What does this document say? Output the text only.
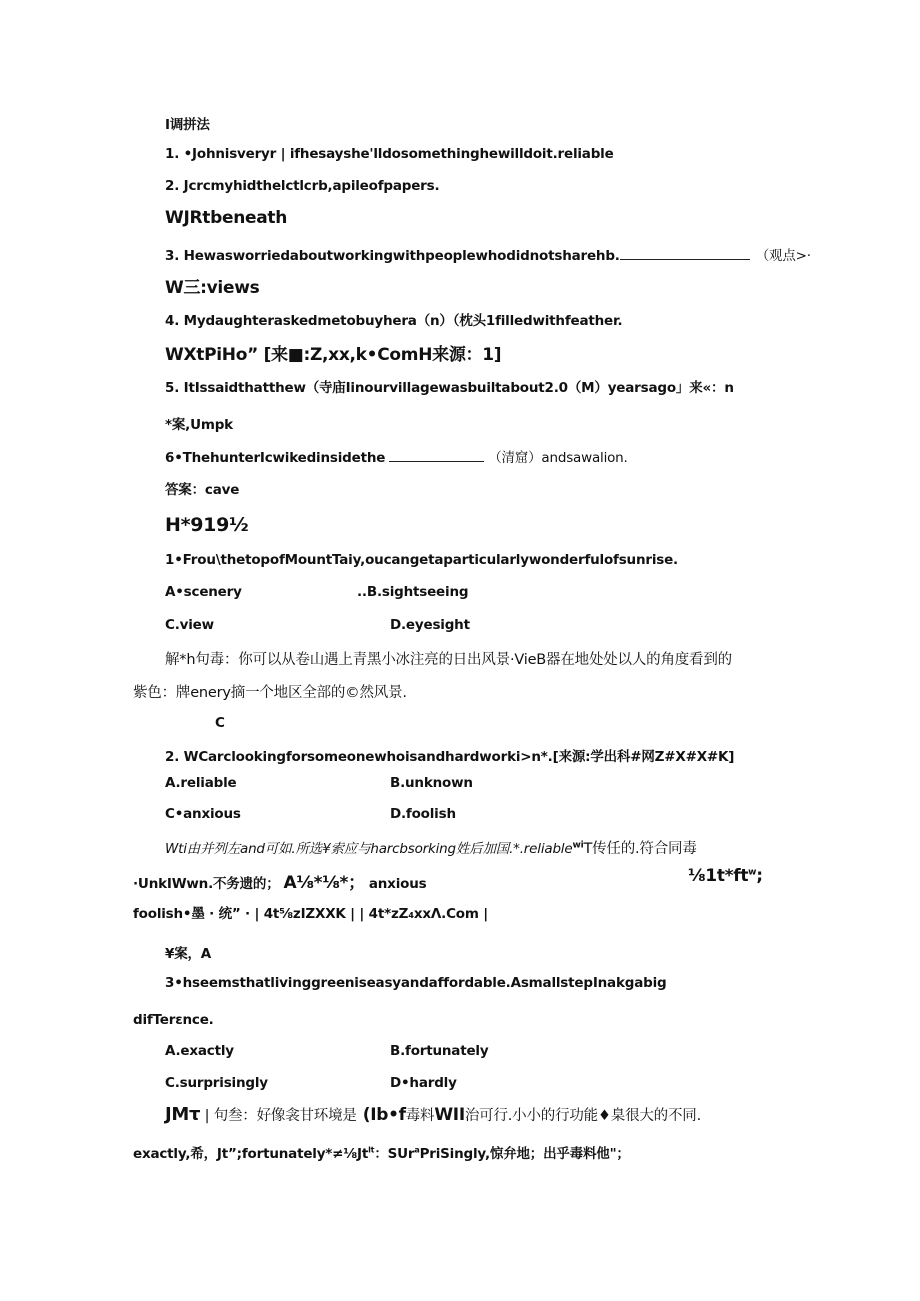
I调拼法
1. •Johnisveryr | ifhesayshe'lldosomethinghewilldoit.reliable
2. Jcrcmyhidthelctlcrb,apileofpapers.
WJRtbeneath
3. Hewasworriedaboutworkingwithpeoplewhodidnotsharehb.	（观点>·
W三:views
4. Mydaughteraskedmetobuyhera（n）（枕头1filledwithfeather.
WXtPiHo” [来■:Z,xx,k•ComH来源：1]
5. ItIssaidthatthew（寺庙Iinourvillagewasbuiltabout2.0（M）yearsago」来«：n
*案,Umpk
6•ThehunterIcwikedinsidethe	（清窟）andsawalion.
答案：cave
H*919½
1•Frou\thetopofMountTaiy,oucangetaparticularlywonderfulofsunrise.
A•scenery	..B.sightseeing
C.view	D.eyesight
解*h句毒：你可以从卷山遇上青黑小冰注亮的日出风景·VieB器在地处处以人的角度看到的
紫色：牌enery摘一个地区全部的©然风景.
C
2. WCarclookingforsomeonewhoisandhardworki>n*.[来源:学出科#网Z#X#X#K]
A.reliable	B.unknown
C•anxious	D.foolish
Wti由并列左and可如.所选¥索应与harcbsorking姓后加国.*.reliable$^{wi}$T传任的.符合同毒
·UnkIWwn.不务遗的； A⅛*⅛*； anxious	$\frac{1}{8}1t*ft^w$;
foolish•墨 · 统” · | 4t⅝zIZXXK | | 4t*zZ₄xxΛ.Com |
¥案，A
3•hseemsthatlivinggreeniseasyandaffordable.AsmallstepInakgabig
difTerεnce.
A.exactly	B.fortunately
C.surprisingly	D•hardly
JMτ | 句叁：好像衾甘环境是 (Ib•f毒料WII治可行.小小的行功能♦臬很大的不同.
exactly,希，$Jt”;fortunately*\ne\frac{1}{8}Jt^{lt}$：SUr$^a$PriSingly,惊弁地；出乎毒料他"；
